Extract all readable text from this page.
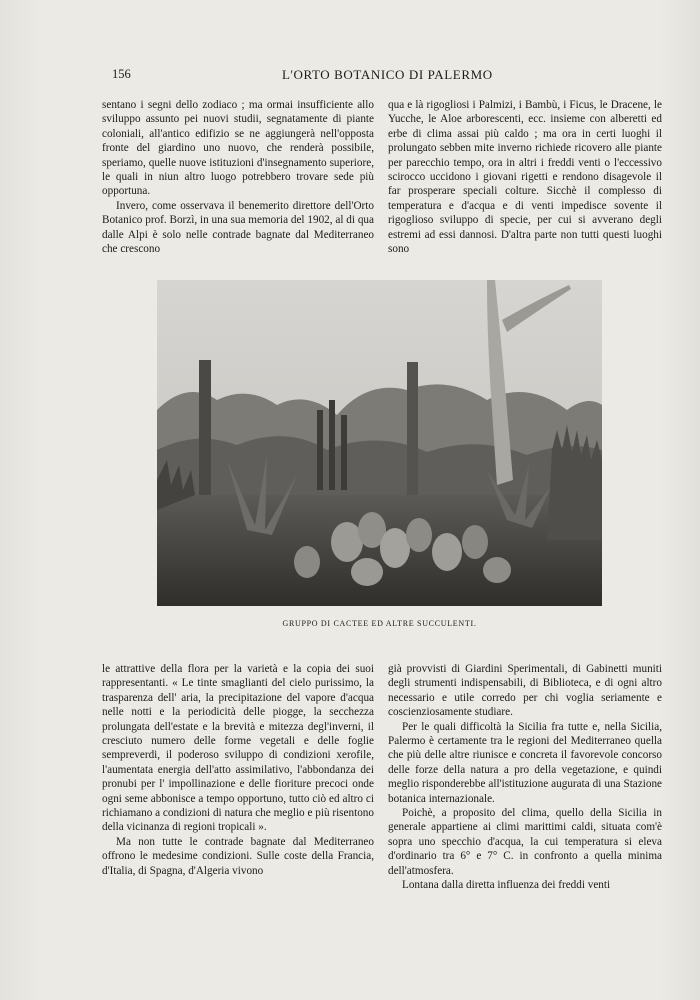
156	L'ORTO BOTANICO DI PALERMO

sentano i segni dello zodiaco ; ma ormai insufficiente allo sviluppo assunto pei nuovi studii, segnatamente di piante coloniali, all'antico edifizio se ne aggiungerà nell'opposta fronte del giardino uno nuovo, che renderà possibile, speriamo, quelle nuove istituzioni d'insegnamento superiore, le quali in niun altro luogo potrebbero trovare sede più opportuna.

Invero, come osservava il benemerito direttore dell'Orto Botanico prof. Borzì, in una sua memoria del 1902, al di qua dalle Alpi è solo nelle contrade bagnate dal Mediterraneo che crescono

qua e là rigogliosi i Palmizi, i Bambù, i Ficus, le Dracene, le Yucche, le Aloe arborescenti, ecc. insieme con alberetti ed erbe di clima assai più caldo ; ma ora in certi luoghi il prolungato sebben mite inverno richiede ricovero alle piante per parecchio tempo, ora in altri i freddi venti o l'eccessivo scirocco uccidono i giovani rigetti e rendono disagevole il far prosperare speciali colture. Sicchè il complesso di temperatura e d'acqua e di venti impedisce sovente il rigoglioso sviluppo di specie, per cui si avverano degli estremi ad essi dannosi. D'altra parte non tutti questi luoghi sono

GRUPPO DI CACTEE ED ALTRE SUCCULENTI.

le attrattive della flora per la varietà e la copia dei suoi rappresentanti. « Le tinte smaglianti del cielo purissimo, la trasparenza dell' aria, la precipitazione del vapore d'acqua nelle notti e la periodicità delle piogge, la secchezza prolungata dell'estate e la brevità e mitezza degl'inverni, il cresciuto numero delle forme vegetali e delle foglie sempreverdi, il poderoso sviluppo di condizioni xerofile, l'aumentata energia dell'atto assimilativo, l'abbondanza dei pronubi per l' impollinazione e delle fioriture precoci onde ogni seme abbonisce a tempo opportuno, tutto ciò ed altro ci richiamano a condizioni di natura che meglio e più risentono della vicinanza di regioni tropicali ».

Ma non tutte le contrade bagnate dal Mediterraneo offrono le medesime condizioni. Sulle coste della Francia, d'Italia, di Spagna, d'Algeria vivono

già provvisti di Giardini Sperimentali, di Gabinetti muniti degli strumenti indispensabili, di Biblioteca, e di ogni altro necessario e utile corredo per chi voglia seriamente e coscienziosamente studiare.

Per le quali difficoltà la Sicilia fra tutte e, nella Sicilia, Palermo è certamente tra le regioni del Mediterraneo quella che più delle altre riunisce e concreta il favorevole concorso delle forze della natura a pro della vegetazione, e quindi meglio risponderebbe all'istituzione augurata di una Stazione botanica internazionale.

Poichè, a proposito del clima, quello della Sicilia in generale appartiene ai climi marittimi caldi, situata com'è sopra uno specchio d'acqua, la cui temperatura si eleva d'ordinario tra 6° e 7° C. in confronto a quella minima dell'atmosfera.

Lontana dalla diretta influenza dei freddi venti
